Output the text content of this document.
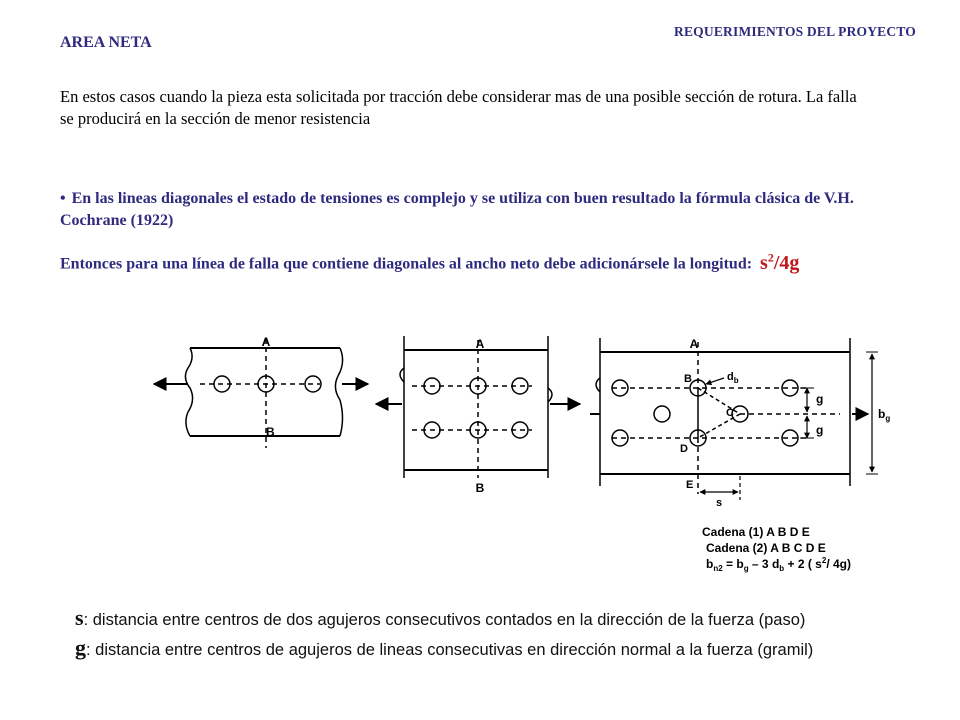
REQUERIMIENTOS DEL PROYECTO
AREA NETA
En estos casos cuando la pieza esta solicitada por tracción debe considerar mas de una posible sección de rotura. La falla se producirá en la sección de menor resistencia
• En las lineas diagonales el estado de tensiones es complejo y se utiliza con buen resultado la fórmula clásica de V.H. Cochrane (1922)
Entonces para una línea de falla que contiene diagonales al ancho neto debe adicionársele la longitud: $s^2/4g$
A
B
A
B
A
B
C
D
E
$d_b$
g
g
$b_g$
s
Cadena (1) A B D E
Cadena (2) A B C D E
$b_{n2} = b_g - 3$ $d_b + 2$ ( $s^2/$ 4g)
s: distancia entre centros de dos agujeros consecutivos contados en la dirección de la fuerza (paso)
g: distancia entre centros de agujeros de lineas consecutivas en dirección normal a la fuerza (gramil)
